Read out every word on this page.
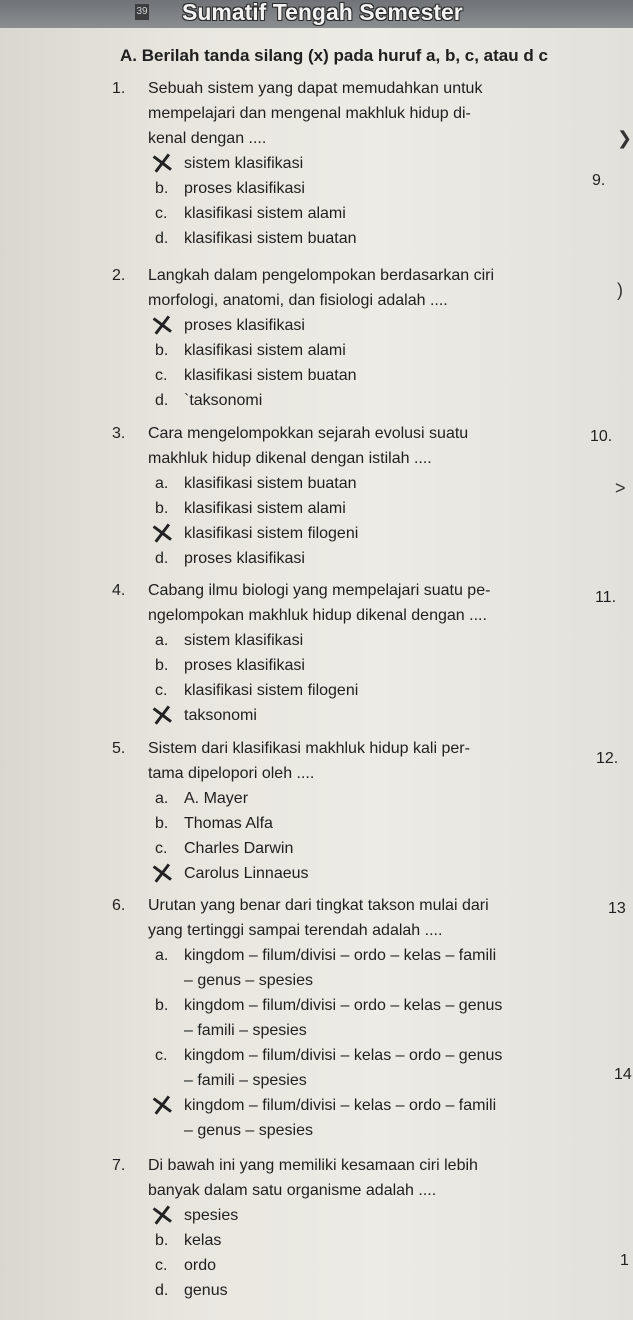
39 Sumatif Tengah Semester
A. Berilah tanda silang (x) pada huruf a, b, c, atau d c
1. Sebuah sistem yang dapat memudahkan untuk
mempelajari dan mengenal makhluk hidup di-
kenal dengan ....
✕ sistem klasifikasi
b. proses klasifikasi
c. klasifikasi sistem alami
d. klasifikasi sistem buatan
2. Langkah dalam pengelompokan berdasarkan ciri
morfologi, anatomi, dan fisiologi adalah ....
✕ proses klasifikasi
b. klasifikasi sistem alami
c. klasifikasi sistem buatan
d. `taksonomi
3. Cara mengelompokkan sejarah evolusi suatu
makhluk hidup dikenal dengan istilah ....
a. klasifikasi sistem buatan
b. klasifikasi sistem alami
✕ klasifikasi sistem filogeni
d. proses klasifikasi
4. Cabang ilmu biologi yang mempelajari suatu pe-
ngelompokan makhluk hidup dikenal dengan ....
a. sistem klasifikasi
b. proses klasifikasi
c. klasifikasi sistem filogeni
✕ taksonomi
5. Sistem dari klasifikasi makhluk hidup kali per-
tama dipelopori oleh ....
a. A. Mayer
b. Thomas Alfa
c. Charles Darwin
✕ Carolus Linnaeus
6. Urutan yang benar dari tingkat takson mulai dari
yang tertinggi sampai terendah adalah ....
a. kingdom – filum/divisi – ordo – kelas – famili
– genus – spesies
b. kingdom – filum/divisi – ordo – kelas – genus
– famili – spesies
c. kingdom – filum/divisi – kelas – ordo – genus
– famili – spesies
✕ kingdom – filum/divisi – kelas – ordo – famili
– genus – spesies
7. Di bawah ini yang memiliki kesamaan ciri lebih
banyak dalam satu organisme adalah ....
✕ spesies
b. kelas
c. ordo
d. genus
9.
10.
11.
12.
13
14
1
❯
)
>
